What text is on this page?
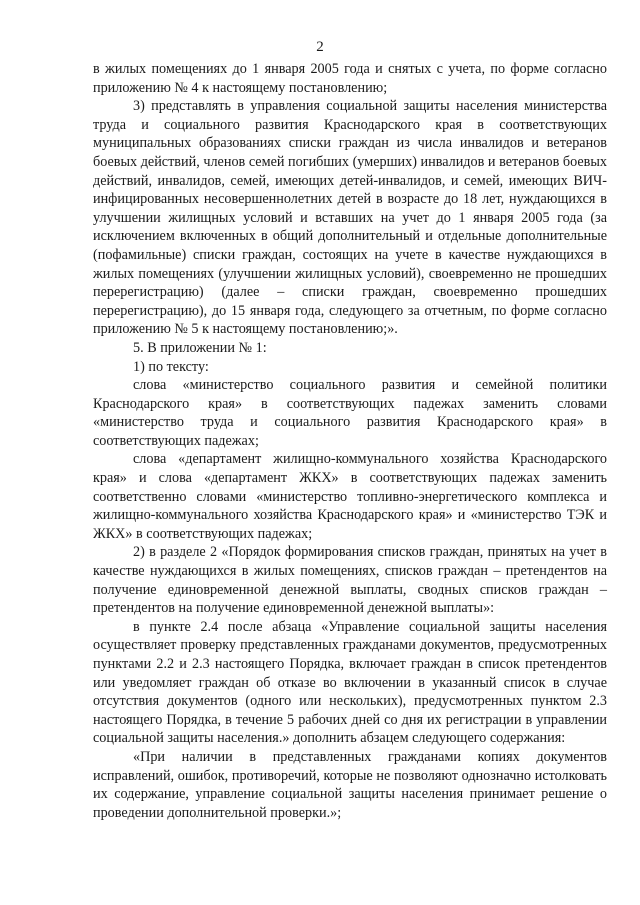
2

в жилых помещениях до 1 января 2005 года и снятых с учета, по форме согласно приложению № 4 к настоящему постановлению;

3) представлять в управления социальной защиты населения министерства труда и социального развития Краснодарского края в соответствующих муниципальных образованиях списки граждан из числа инвалидов и ветеранов боевых действий, членов семей погибших (умерших) инвалидов и ветеранов боевых действий, инвалидов, семей, имеющих детей-инвалидов, и семей, имеющих ВИЧ-инфицированных несовершеннолетних детей в возрасте до 18 лет, нуждающихся в улучшении жилищных условий и вставших на учет до 1 января 2005 года (за исключением включенных в общий дополнительный и отдельные дополнительные (пофамильные) списки граждан, состоящих на учете в качестве нуждающихся в жилых помещениях (улучшении жилищных условий), своевременно не прошедших перерегистрацию) (далее – списки граждан, своевременно прошедших перерегистрацию), до 15 января года, следующего за отчетным, по форме согласно приложению № 5 к настоящему постановлению;».

5. В приложении № 1:

1) по тексту:

слова «министерство социального развития и семейной политики Краснодарского края» в соответствующих падежах заменить словами «министерство труда и социального развития Краснодарского края» в соответствующих падежах;

слова «департамент жилищно-коммунального хозяйства Краснодарского края» и слова «департамент ЖКХ» в соответствующих падежах заменить соответственно словами «министерство топливно-энергетического комплекса и жилищно-коммунального хозяйства Краснодарского края» и «министерство ТЭК и ЖКХ» в соответствующих падежах;

2) в разделе 2 «Порядок формирования списков граждан, принятых на учет в качестве нуждающихся в жилых помещениях, списков граждан – претендентов на получение единовременной денежной выплаты, сводных списков граждан – претендентов на получение единовременной денежной выплаты»:

в пункте 2.4 после абзаца «Управление социальной защиты населения осуществляет проверку представленных гражданами документов, предусмотренных пунктами 2.2 и 2.3 настоящего Порядка, включает граждан в список претендентов или уведомляет граждан об отказе во включении в указанный список в случае отсутствия документов (одного или нескольких), предусмотренных пунктом 2.3 настоящего Порядка, в течение 5 рабочих дней со дня их регистрации в управлении социальной защиты населения.» дополнить абзацем следующего содержания:

«При наличии в представленных гражданами копиях документов исправлений, ошибок, противоречий, которые не позволяют однозначно истолковать их содержание, управление социальной защиты населения принимает решение о проведении дополнительной проверки.»;
